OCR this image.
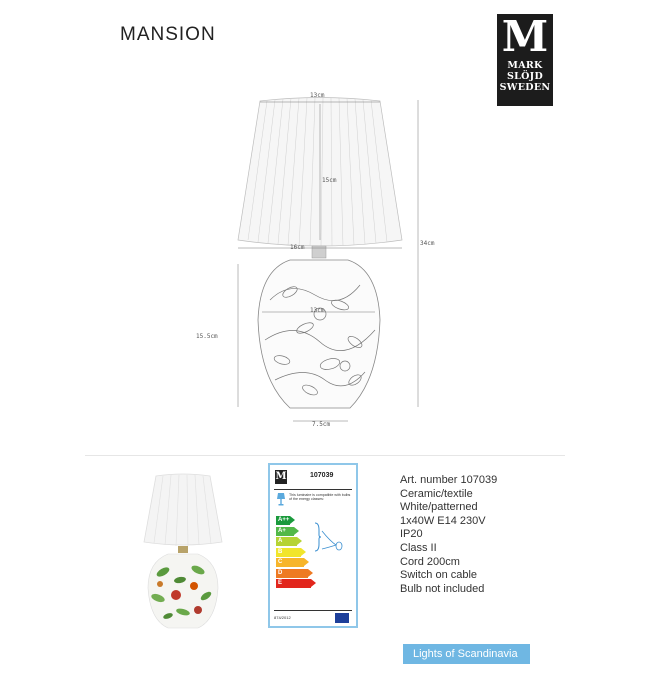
MANSION	M
MARK
SLÖJD
SWEDEN
13cm
15cm
16cm
34cm
15.5cm
7.5cm
13cm
M	107039
This luminaire is compatible with bulbs of the energy classes:
A++
A+
A
B
C
D
E
874/2012
Art. number 107039
Ceramic/textile
White/patterned
1x40W E14 230V
IP20
Class II
Cord 200cm
Switch on cable
Bulb not included
Lights of Scandinavia
